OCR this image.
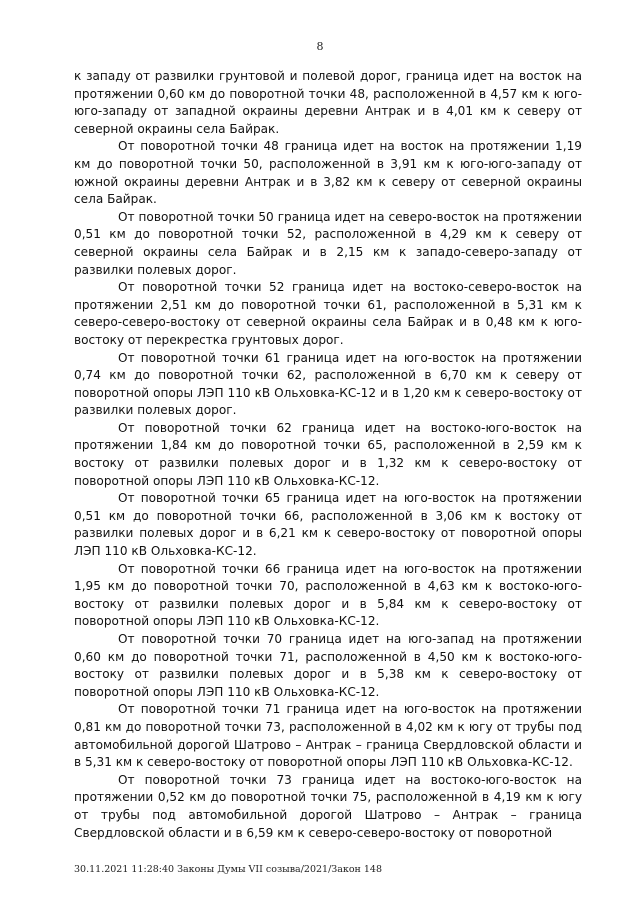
8

к западу от развилки грунтовой и полевой дорог, граница идет на восток на протяжении 0,60 км до поворотной точки 48, расположенной в 4,57 км к юго-юго-западу от западной окраины деревни Антрак и в 4,01 км к северу от северной окраины села Байрак.

От поворотной точки 48 граница идет на восток на протяжении 1,19 км до поворотной точки 50, расположенной в 3,91 км к юго-юго-западу от южной окраины деревни Антрак и в 3,82 км к северу от северной окраины села Байрак.

От поворотной точки 50 граница идет на северо-восток на протяжении 0,51 км до поворотной точки 52, расположенной в 4,29 км к северу от северной окраины села Байрак и в 2,15 км к западо-северо-западу от развилки полевых дорог.

От поворотной точки 52 граница идет на востоко-северо-восток на протяжении 2,51 км до поворотной точки 61, расположенной в 5,31 км к северо-северо-востоку от северной окраины села Байрак и в 0,48 км к юго-востоку от перекрестка грунтовых дорог.

От поворотной точки 61 граница идет на юго-восток на протяжении 0,74 км до поворотной точки 62, расположенной в 6,70 км к северу от поворотной опоры ЛЭП 110 кВ Ольховка-КС-12 и в 1,20 км к северо-востоку от развилки полевых дорог.

От поворотной точки 62 граница идет на востоко-юго-восток на протяжении 1,84 км до поворотной точки 65, расположенной в 2,59 км к востоку от развилки полевых дорог и в 1,32 км к северо-востоку от поворотной опоры ЛЭП 110 кВ Ольховка-КС-12.

От поворотной точки 65 граница идет на юго-восток на протяжении 0,51 км до поворотной точки 66, расположенной в 3,06 км к востоку от развилки полевых дорог и в 6,21 км к северо-востоку от поворотной опоры ЛЭП 110 кВ Ольховка-КС-12.

От поворотной точки 66 граница идет на юго-восток на протяжении 1,95 км до поворотной точки 70, расположенной в 4,63 км к востоко-юго-востоку от развилки полевых дорог и в 5,84 км к северо-востоку от поворотной опоры ЛЭП 110 кВ Ольховка-КС-12.

От поворотной точки 70 граница идет на юго-запад на протяжении 0,60 км до поворотной точки 71, расположенной в 4,50 км к востоко-юго-востоку от развилки полевых дорог и в 5,38 км к северо-востоку от поворотной опоры ЛЭП 110 кВ Ольховка-КС-12.

От поворотной точки 71 граница идет на юго-восток на протяжении 0,81 км до поворотной точки 73, расположенной в 4,02 км к югу от трубы под автомобильной дорогой Шатрово – Антрак – граница Свердловской области и в 5,31 км к северо-востоку от поворотной опоры ЛЭП 110 кВ Ольховка-КС-12.

От поворотной точки 73 граница идет на востоко-юго-восток на протяжении 0,52 км до поворотной точки 75, расположенной в 4,19 км к югу от трубы под автомобильной дорогой Шатрово – Антрак – граница Свердловской области и в 6,59 км к северо-северо-востоку от поворотной

30.11.2021 11:28:40 Законы Думы VII созыва/2021/Закон 148
